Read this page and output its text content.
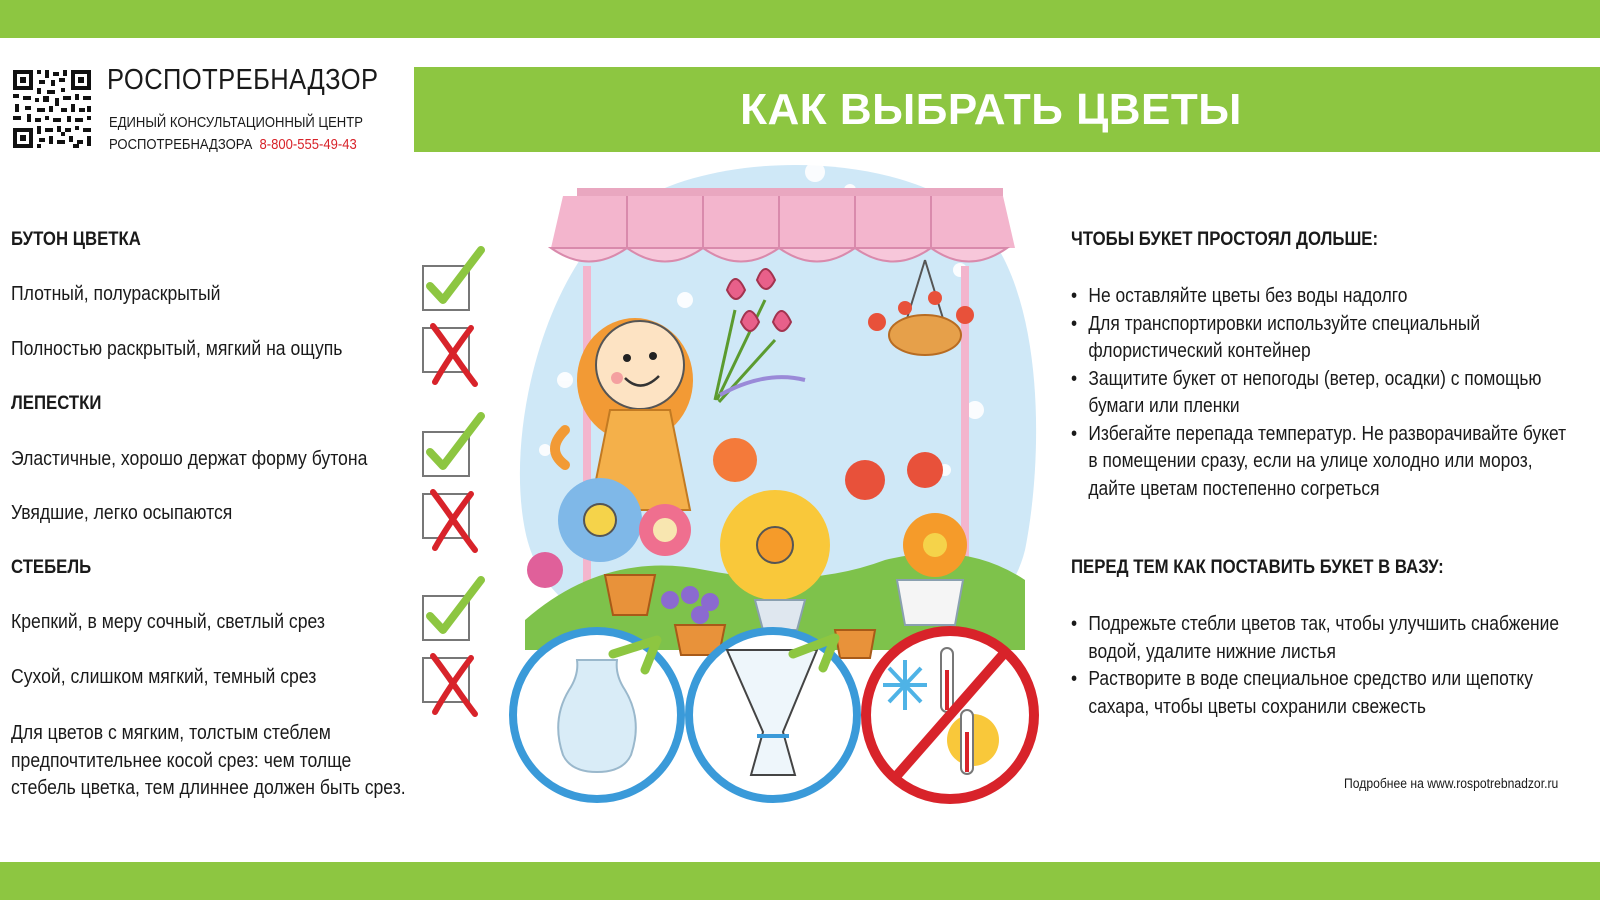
РОСПОТРЕБНАДЗОР
ЕДИНЫЙ КОНСУЛЬТАЦИОННЫЙ ЦЕНТР
РОСПОТРЕБНАДЗОРА 8-800-555-49-43
КАК ВЫБРАТЬ ЦВЕТЫ
БУТОН ЦВЕТКА
Плотный, полураскрытый
Полностью раскрытый, мягкий на ощупь
ЛЕПЕСТКИ
Эластичные, хорошо держат форму бутона
Увядшие, легко осыпаются
СТЕБЕЛЬ
Крепкий, в меру сочный, светлый срез
Сухой, слишком мягкий, темный срез
Для цветов с мягким, толстым стеблем
предпочтительнее косой срез: чем толще
стебель цветка, тем длиннее должен быть срез.
ЧТОБЫ БУКЕТ ПРОСТОЯЛ ДОЛЬШЕ:
• Не оставляйте цветы без воды надолго
• Для транспортировки используйте специальный
флористический контейнер
• Защитите букет от непогоды (ветер, осадки) с помощью
бумаги или пленки
• Избегайте перепада температур. Не разворачивайте букет
в помещении сразу, если на улице холодно или мороз,
дайте цветам постепенно согреться
ПЕРЕД ТЕМ КАК ПОСТАВИТЬ БУКЕТ В ВАЗУ:
• Подрежьте стебли цветов так, чтобы улучшить снабжение
водой, удалите нижние листья
• Растворите в воде специальное средство или щепотку
сахара, чтобы цветы сохранили свежесть
Подробнее на www.rospotrebnadzor.ru
